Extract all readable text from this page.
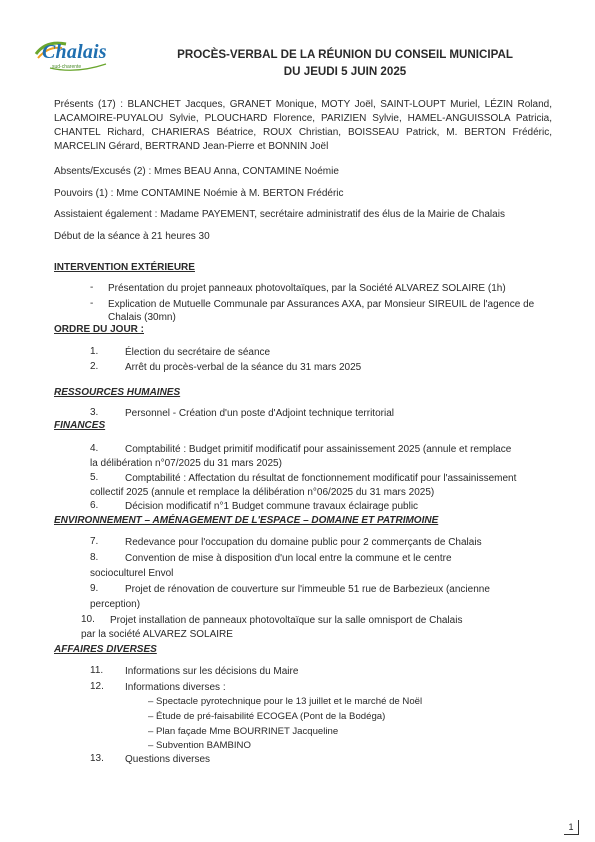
Chalais
sud-charente
PROCÈS-VERBAL DE LA RÉUNION DU CONSEIL MUNICIPAL
DU JEUDI 5 JUIN 2025
Présents (17) : BLANCHET Jacques, GRANET Monique, MOTY Joël, SAINT-LOUPT Muriel, LÉZIN Roland, LACAMOIRE-PUYALOU Sylvie, PLOUCHARD Florence, PARIZIEN Sylvie, HAMEL-ANGUISSOLA Patricia, CHANTEL Richard, CHARIERAS Béatrice, ROUX Christian, BOISSEAU Patrick, M. BERTON Frédéric, MARCELIN Gérard, BERTRAND Jean-Pierre et BONNIN Joël
Absents/Excusés (2) : Mmes BEAU Anna, CONTAMINE Noémie
Pouvoirs (1) : Mme CONTAMINE Noémie à M. BERTON Frédéric
Assistaient également : Madame PAYEMENT, secrétaire administratif des élus de la Mairie de Chalais
Début de la séance à 21 heures 30
INTERVENTION EXTÉRIEURE
- Présentation du projet panneaux photovoltaïques, par la Société ALVAREZ SOLAIRE (1h)
- Explication de Mutuelle Communale par Assurances AXA, par Monsieur SIREUIL de l'agence de
Chalais (30mn)
ORDRE DU JOUR :
1.	Élection du secrétaire de séance
2.	Arrêt du procès-verbal de la séance du 31 mars 2025
RESSOURCES HUMAINES
3.	Personnel - Création d'un poste d'Adjoint technique territorial
FINANCES
4.	Comptabilité : Budget primitif modificatif pour assainissement 2025 (annule et remplace
la délibération n°07/2025 du 31 mars 2025)
5.	Comptabilité : Affectation du résultat de fonctionnement modificatif pour l'assainissement
collectif 2025 (annule et remplace la délibération n°06/2025 du 31 mars 2025)
6.	Décision modificatif n°1 Budget commune travaux éclairage public
ENVIRONNEMENT – AMÉNAGEMENT DE L'ESPACE – DOMAINE ET PATRIMOINE
7.	Redevance pour l'occupation du domaine public pour 2 commerçants de Chalais
8.	Convention de mise à disposition d'un local entre la commune et le centre
socioculturel Envol
9.	Projet de rénovation de couverture sur l'immeuble 51 rue de Barbezieux (ancienne
perception)
10. Projet installation de panneaux photovoltaïque sur la salle omnisport de Chalais
par la société ALVAREZ SOLAIRE
AFFAIRES DIVERSES
11. Informations sur les décisions du Maire
12. Informations diverses :
– Spectacle pyrotechnique pour le 13 juillet et le marché de Noël
– Étude de pré-faisabilité ECOGEA (Pont de la Bodéga)
– Plan façade Mme BOURRINET Jacqueline
– Subvention BAMBINO
13. Questions diverses
1
